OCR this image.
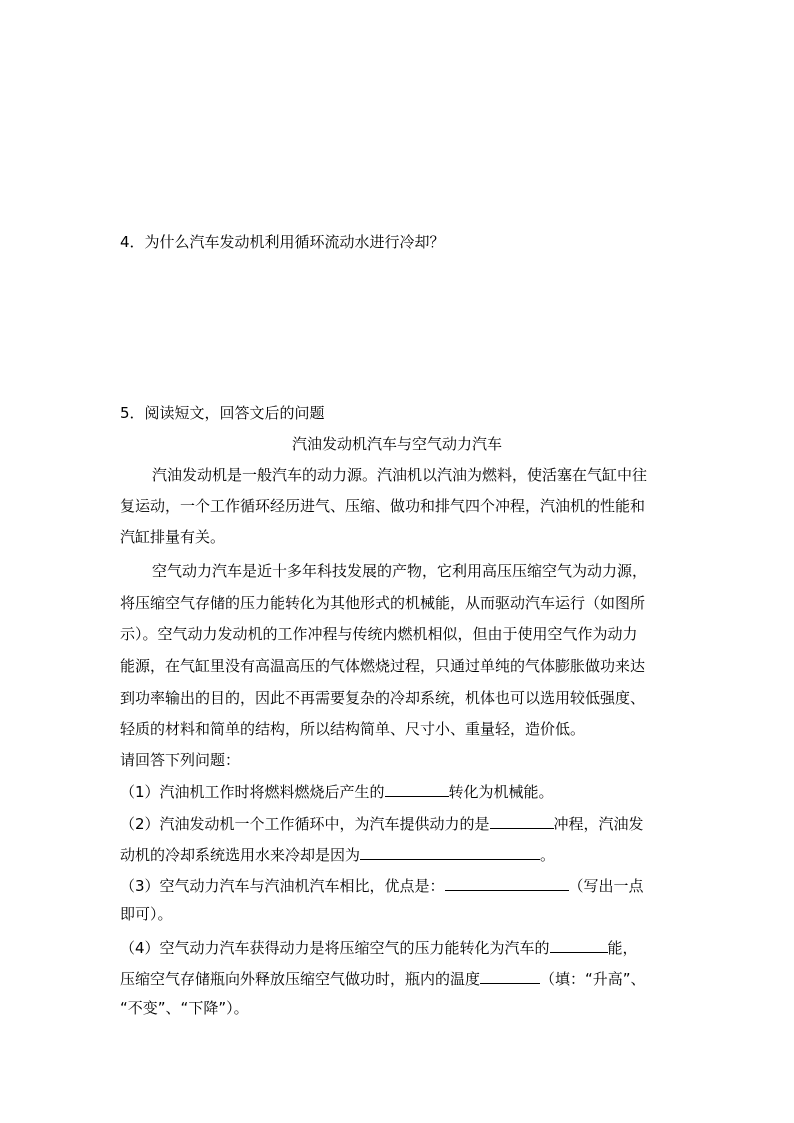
4．为什么汽车发动机利用循环流动水进行冷却？
5．阅读短文，回答文后的问题
汽油发动机汽车与空气动力汽车
汽油发动机是一般汽车的动力源。汽油机以汽油为燃料，使活塞在气缸中往
复运动，一个工作循环经历进气、压缩、做功和排气四个冲程，汽油机的性能和
汽缸排量有关。
空气动力汽车是近十多年科技发展的产物，它利用高压压缩空气为动力源，
将压缩空气存储的压力能转化为其他形式的机械能，从而驱动汽车运行（如图所
示）。空气动力发动机的工作冲程与传统内燃机相似，但由于使用空气作为动力
能源，在气缸里没有高温高压的气体燃烧过程，只通过单纯的气体膨胀做功来达
到功率输出的目的，因此不再需要复杂的冷却系统，机体也可以选用较低强度、
轻质的材料和简单的结构，所以结构简单、尺寸小、重量轻，造价低。
请回答下列问题：
（1）汽油机工作时将燃料燃烧后产生的	转化为机械能。
（2）汽油发动机一个工作循环中，为汽车提供动力的是	冲程，汽油发
动机的冷却系统选用水来冷却是因为	。
（3）空气动力汽车与汽油机汽车相比，优点是：	（写出一点
即可）。
（4）空气动力汽车获得动力是将压缩空气的压力能转化为汽车的	能，
压缩空气存储瓶向外释放压缩空气做功时，瓶内的温度	（填：“升高”、
“不变”、“下降”）。
